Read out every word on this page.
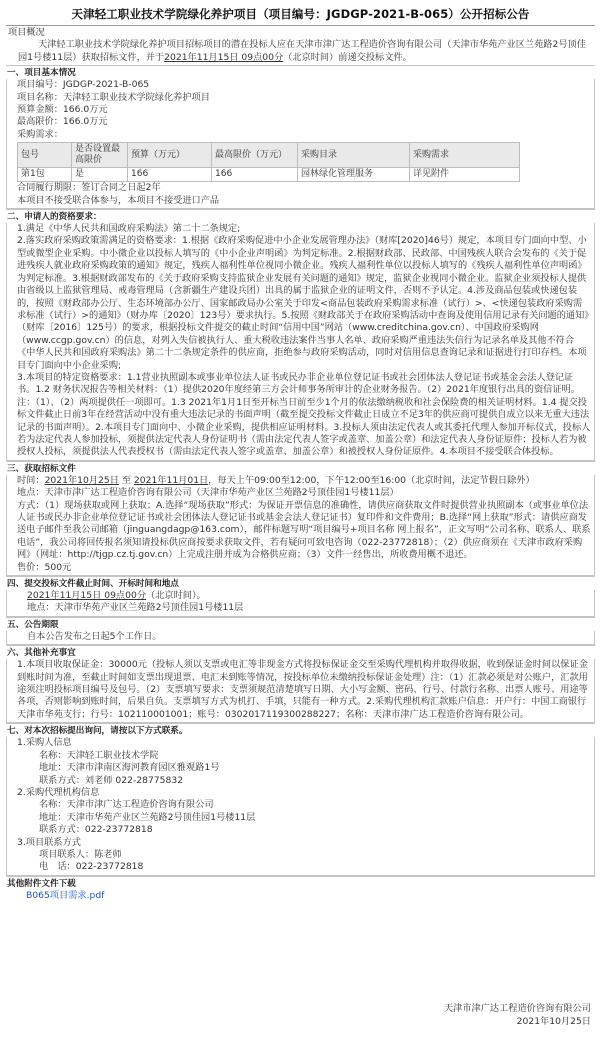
天津轻工职业技术学院绿化养护项目（项目编号：JGDGP-2021-B-065）公开招标公告
项目概况
天津轻工职业技术学院绿化养护项目招标项目的潜在投标人应在天津市津广达工程造价咨询有限公司（天津市华苑产业区兰苑路2号顶佳园1号楼11层）获取招标文件，并于2021年11月15日 09点00分（北京时间）前递交投标文件。
一、项目基本情况
项目编号：JGDGP-2021-B-065
项目名称：天津轻工职业技术学院绿化养护项目
预算金额：166.0万元
最高限价：166.0万元
采购需求：
包号	是否设置最高限价	预算（万元）	最高限价（万元）	采购目录	采购需求
第1包	是	166	166	园林绿化管理服务	详见附件
合同履行期限：签订合同之日起2年
本项目不接受联合体参与，本项目不接受进口产品
二、申请人的资格要求：
1.满足《中华人民共和国政府采购法》第二十二条规定;
2.落实政府采购政策需满足的资格要求：1.根据《政府采购促进中小企业发展管理办法》（财库[2020]46号）规定，本项目专门面向中型、小型或微型企业采购。中小微企业以投标人填写的《中小企业声明函》为判定标准。2.根据财政部、民政部、中国残疾人联合会发布的《关于促进残疾人就业政府采购政策的通知》规定，残疾人福利性单位视同小微企业。残疾人福利性单位以投标人填写的《残疾人福利性单位声明函》为判定标准。3.根据财政部发布的《关于政府采购支持监狱企业发展有关问题的通知》规定，监狱企业视同小微企业。监狱企业须投标人提供由省级以上监狱管理局、戒毒管理局（含新疆生产建设兵团）出具的属于监狱企业的证明文件，否则不予认定。4.涉及商品包装或快递包装的，按照《财政部办公厅、生态环境部办公厅、国家邮政局办公室关于印发<商品包装政府采购需求标准（试行）>、<快递包装政府采购需求标准（试行）>的通知》（财办库〔2020〕123号）要求执行。5.按照《财政部关于在政府采购活动中查询及使用信用记录有关问题的通知》（财库〔2016〕125号）的要求，根据投标文件提交的截止时间“信用中国”网站（www.creditchina.gov.cn）、中国政府采购网（www.ccgp.gov.cn）的信息，对列入失信被执行人、重大税收违法案件当事人名单、政府采购严重违法失信行为记录名单及其他不符合《中华人民共和国政府采购法》第二十二条规定条件的供应商，拒绝参与政府采购活动，同时对信用信息查询记录和证据进行打印存档。本项目专门面向中小企业采购;
3.本项目的特定资格要求：1.1营业执照副本或事业单位法人证书或民办非企业单位登记证书或社会团体法人登记证书或基金会法人登记证书。1.2 财务状况报告等相关材料：（1）提供2020年度经第三方会计师事务所审计的企业财务报告。（2）2021年度银行出具的资信证明。注：（1）、（2）两项提供任一项即可。1.3 2021年1月1日至开标当日前至少1个月的依法缴纳税收和社会保险费的相关证明材料。1.4 提交投标文件截止日前3年在经营活动中没有重大违法记录的书面声明（截至提交投标文件截止日成立不足3年的供应商可提供自成立以来无重大违法记录的书面声明）。2.本项目专门面向中、小微企业采购，提供相应证明材料。3.投标人须由法定代表人或其委托代理人参加开标仪式，投标人若为法定代表人参加投标，须提供法定代表人身份证明书（需由法定代表人签字或盖章、加盖公章）和法定代表人身份证原件；投标人若为被授权人投标，须提供法人代表授权书（需由法定代表人签字或盖章、加盖公章）和被授权人身份证原件。4.本项目不接受联合体投标。
三、获取招标文件
时间：2021年10月25日 至 2021年11月01日，每天上午09:00至12:00，下午12:00至16:00（北京时间，法定节假日除外）
地点：天津市津广达工程造价咨询有限公司（天津市华苑产业区兰苑路2号顶佳园1号楼11层）
方式：（1）现场获取或网上获取；A.选择“现场获取”形式：为保证开票信息的准确性，请供应商获取文件时提供营业执照副本（或事业单位法人证书或民办非企业单位登记证书或社会团体法人登记证书或基金会法人登记证书）复印件和文件费用；B.选择“网上获取”形式：请供应商发送电子邮件至我公司邮箱（jinguangdagp@163.com），邮件标题写明“项目编号+项目名称 网上报名”，正文写明“公司名称、联系人、联系电话”，我公司将回传报名须知请投标供应商按要求获取文件，若有疑问可致电咨询（022-23772818）；（2）供应商须在《天津市政府采购网》（网址：http://tjgp.cz.tj.gov.cn）上完成注册并成为合格供应商；（3）文件一经售出，所收费用概不退还。
售价：500元
四、提交投标文件截止时间、开标时间和地点
2021年11月15日 09点00分（北京时间）。
地点：天津市华苑产业区兰苑路2号顶佳园1号楼11层
五、公告期限
自本公告发布之日起5个工作日。
六、其他补充事宜
1.本项目收取保证金：30000元（投标人须以支票或电汇等非现金方式将投标保证金交至采购代理机构并取得收据，收到保证金时间以保证金到账时间为准，至截止时间如支票出现退票、电汇未到账等情况，按投标单位未缴纳投标保证金处理）注：（1）汇款必须是对公账户，汇款用途须注明投标项目编号及包号。（2）支票填写要求：支票须规范清楚填写日期、大小写金额、密码、行号、付款行名称、出票人账号、用途等各项，否则影响到账时间，后果自负。支票填写方式为机打、手填，只能有一种方式。2.采购代理机构汇款账户信息：开户行：中国工商银行天津市华苑支行；行号：102110001001；账号：0302017119300288227；名称：天津市津广达工程造价咨询有限公司。
七、对本次招标提出询问，请按以下方式联系。
1.采购人信息
名称：天津轻工职业技术学院
地址：天津市津南区海河教育园区雅观路1号
联系方式：刘老师 022-28775832
2.采购代理机构信息
名称：天津市津广达工程造价咨询有限公司
地址：天津市华苑产业区兰苑路2号顶佳园1号楼11层
联系方式：022-23772818
3.项目联系方式
项目联系人：陈老师
电　话：022-23772818
其他附件文件下载
B065项目需求.pdf
天津市津广达工程造价咨询有限公司
2021年10月25日
